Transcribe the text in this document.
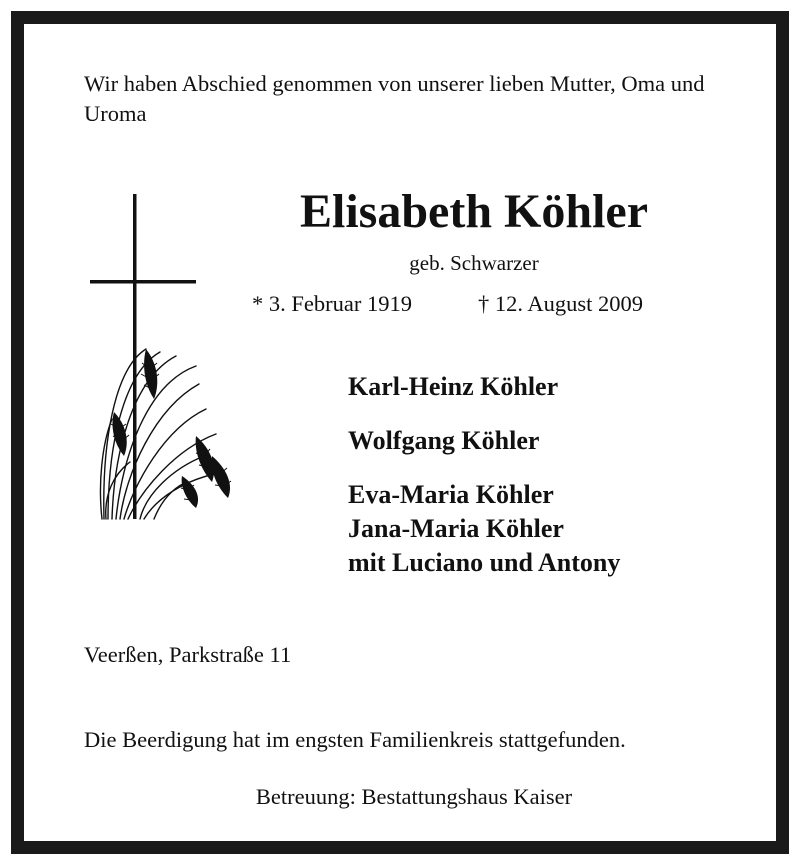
Wir haben Abschied genommen von unserer lieben Mutter, Oma und Uroma

Elisabeth Köhler

geb. Schwarzer

* 3. Februar 1919	† 12. August 2009

Karl-Heinz Köhler

Wolfgang Köhler

Eva-Maria Köhler

Jana-Maria Köhler

mit Luciano und Antony

Veerßen, Parkstraße 11

Die Beerdigung hat im engsten Familienkreis stattgefunden.

Betreuung: Bestattungshaus Kaiser
